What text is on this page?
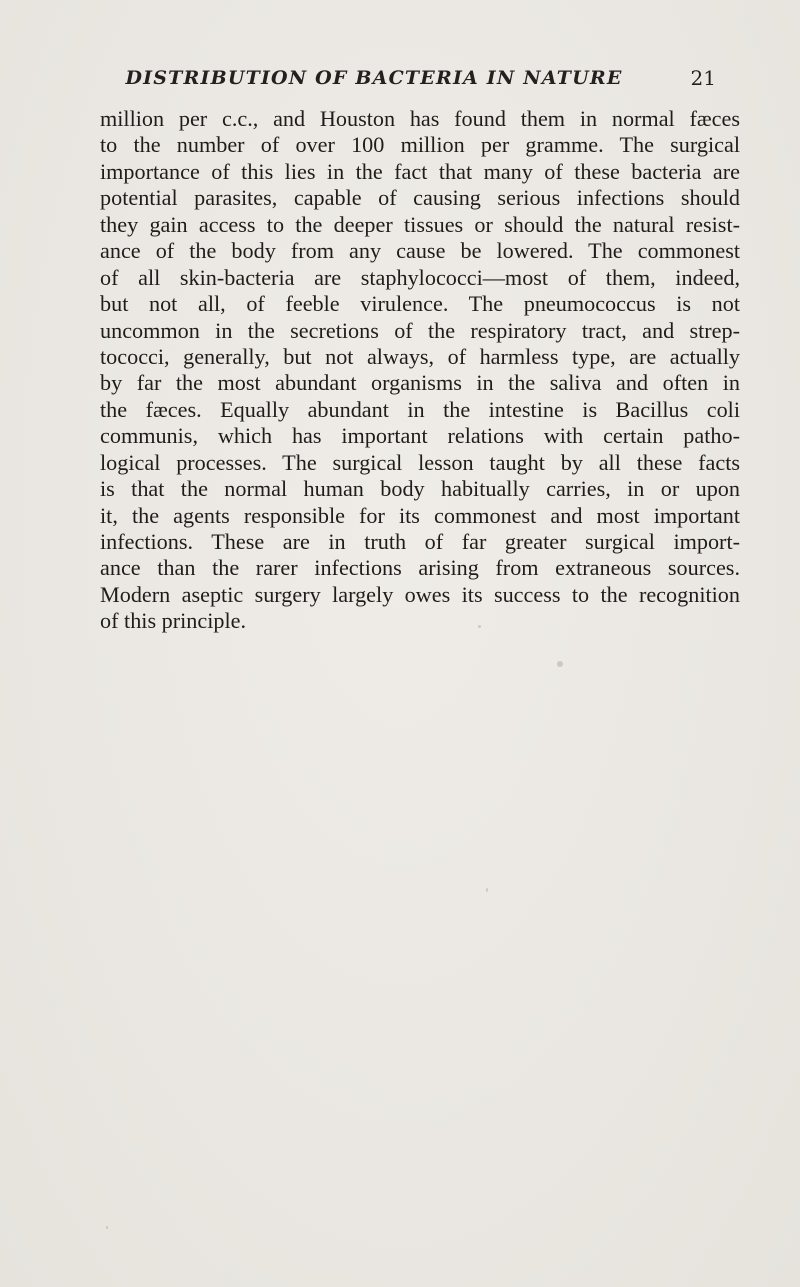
DISTRIBUTION OF BACTERIA IN NATURE	21
million per c.c., and Houston has found them in normal fæces
to the number of over 100 million per gramme. The surgical
importance of this lies in the fact that many of these bacteria are
potential parasites, capable of causing serious infections should
they gain access to the deeper tissues or should the natural resist-
ance of the body from any cause be lowered. The commonest
of all skin-bacteria are staphylococci—most of them, indeed,
but not all, of feeble virulence. The pneumococcus is not
uncommon in the secretions of the respiratory tract, and strep-
tococci, generally, but not always, of harmless type, are actually
by far the most abundant organisms in the saliva and often in
the fæces. Equally abundant in the intestine is Bacillus coli
communis, which has important relations with certain patho-
logical processes. The surgical lesson taught by all these facts
is that the normal human body habitually carries, in or upon
it, the agents responsible for its commonest and most important
infections. These are in truth of far greater surgical import-
ance than the rarer infections arising from extraneous sources.
Modern aseptic surgery largely owes its success to the recognition
of this principle.
